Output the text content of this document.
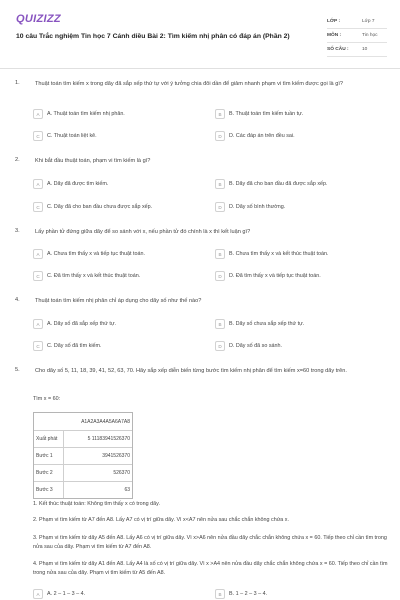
QUIZIZZ
10 câu Trắc nghiệm Tin học 7 Cánh diều Bài 2: Tìm kiếm nhị phân có đáp án (Phần 2)
LỚP :	Lớp 7
MÔN :	Tin học
SỐ CÂU :	10
1.	Thuật toán tìm kiếm x trong dãy đã sắp xếp thứ tự với ý tưởng chia đôi dần để giảm nhanh phạm vi tìm kiếm được gọi là gì?
A	A. Thuật toán tìm kiếm nhị phân.	B	B. Thuật toán tìm kiếm tuần tự.
C	C. Thuật toán liệt kê.	D	D. Các đáp án trên đều sai.
2.	Khi bắt đầu thuật toán, phạm vi tìm kiếm là gì?
A	A. Dãy đã được tìm kiếm.	B	B. Dãy đã cho ban đầu đã được sắp xếp.
C	C. Dãy đã cho ban đầu chưa được sắp xếp.	D	D. Dãy số bình thường.
3.	Lấy phần tử đứng giữa dãy để so sánh với x, nếu phần tử đó chính là x thì kết luận gì?
A	A. Chưa tìm thấy x và tiếp tục thuật toán.	B	B. Chưa tìm thấy x và kết thúc thuật toán.
C	C. Đã tìm thấy x và kết thúc thuật toán.	D	D. Đã tìm thấy x và tiếp tục thuật toán.
4.	Thuật toán tìm kiếm nhị phân chỉ áp dụng cho dãy số như thế nào?
A	A. Dãy số đã sắp xếp thứ tự.	B	B. Dãy số chưa sắp xếp thứ tự.
C	C. Dãy số đã tìm kiếm.	D	D. Dãy số đã so sánh.
5.	Cho dãy số 5, 11, 18, 39, 41, 52, 63, 70. Hãy sắp xếp diễn biến từng bước tìm kiếm nhị phân để tìm kiếm x=60 trong dãy trên.
Tìm x = 60:
A1A2A3A4A5A6A7A8
Xuất phát	5 11183941526370
Bước 1	3941526370
Bước 2	526370
Bước 3	63
1. Kết thúc thuật toán: Không tìm thấy x có trong dãy.
2. Phạm vi tìm kiếm từ A7 đến A8. Lấy A7 có vị trí giữa dãy. Vì x<A7 nên nửa sau chắc chắn không chứa x.
3. Phạm vi tìm kiếm từ dãy A5 đến A8. Lấy A6 có vị trí giữa dãy. Vì x>A6 nên nửa đầu dãy chắc chắn không chứa x = 60. Tiếp theo chỉ cần tìm trong nửa sau của dãy. Phạm vi tìm kiếm từ A7 đến A8.
4. Phạm vi tìm kiếm từ dãy A1 đến A8. Lấy A4 là số có vị trí giữa dãy. Vì x >A4 nên nửa đầu dãy chắc chắn không chứa x = 60. Tiếp theo chỉ cần tìm trong nửa sau của dãy. Phạm vi tìm kiếm từ A5 đến A8.
A	A. 2 – 1 – 3 – 4.	B	B. 1 – 2 – 3 – 4.
